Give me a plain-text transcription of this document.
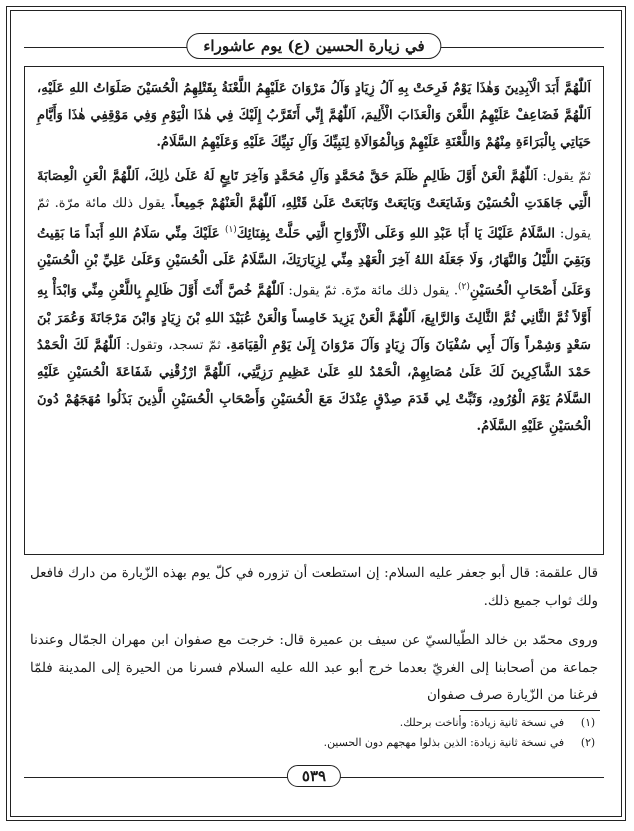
في زيارة الحسين (ع) يوم عاشوراء

اَللّٰهُمَّ أَبَدَ الْآبِدِينَ وَهٰذَا يَوْمٌ فَرِحَتْ بِهِ آلُ زِيَادٍ وَآلُ مَرْوَانَ عَلَيْهِمُ اللَّعْنَةُ بِقَتْلِهِمُ الْحُسَيْنَ صَلَوَاتُ اللهِ عَلَيْهِ، اَللّٰهُمَّ فَضَاعِفْ عَلَيْهِمُ اللَّعْنَ وَالْعَذَابَ الْأَلِيمَ، اَللّٰهُمَّ إِنِّي أَتَقَرَّبُ إِلَيْكَ فِي هٰذَا الْيَوْمِ وَفِي مَوْقِفِي هٰذَا وَأَيَّامِ حَيَاتِي بِالْبَرَاءَةِ مِنْهُمْ وَاللَّعْنَةِ عَلَيْهِمْ وَبِالْمُوَالَاةِ لِنَبِيِّكَ وَآلِ نَبِيِّكَ عَلَيْهِ وَعَلَيْهِمُ السَّلَامُ.

ثمّ يقول: اَللّٰهُمَّ الْعَنْ أَوَّلَ ظَالِمٍ ظَلَمَ حَقَّ مُحَمَّدٍ وَآلِ مُحَمَّدٍ وَآخِرَ تَابِعٍ لَهُ عَلَىٰ ذٰلِكَ، اَللّٰهُمَّ الْعَنِ الْعِصَابَةَ الَّتِي جَاهَدَتِ الْحُسَيْنَ وَشَايَعَتْ وَبَايَعَتْ وَتَابَعَتْ عَلَىٰ قَتْلِهِ، اَللّٰهُمَّ الْعَنْهُمْ جَمِيعاً. يقول ذلك مائة مرّة. ثمّ يقول: السَّلَامُ عَلَيْكَ يَا أَبَا عَبْدِ اللهِ وَعَلَى الْأَرْوَاحِ الَّتِي حَلَّتْ بِفِنَائِكَ$^{(١)}$ عَلَيْكَ مِنِّي سَلَامُ اللهِ أَبَداً مَا بَقِيتُ وَبَقِيَ اللَّيْلُ وَالنَّهَارُ، وَلَا جَعَلَهُ اللهُ آخِرَ الْعَهْدِ مِنِّي لِزِيَارَتِكَ، السَّلَامُ عَلَى الْحُسَيْنِ وَعَلَىٰ عَلِيِّ بْنِ الْحُسَيْنِ وَعَلَىٰ أَصْحَابِ الْحُسَيْنِ$^{(٢)}$. يقول ذلك مائة مرّة. ثمّ يقول: اَللّٰهُمَّ خُصَّ أَنْتَ أَوَّلَ ظَالِمٍ بِاللَّعْنِ مِنِّي وَابْدَأْ بِهِ أَوَّلاً ثُمَّ الثَّانِي ثُمَّ الثَّالِثَ وَالرَّابِعَ، اَللّٰهُمَّ الْعَنْ يَزِيدَ خَامِساً وَالْعَنْ عُبَيْدَ اللهِ بْنَ زِيَادٍ وَابْنَ مَرْجَانَةَ وَعُمَرَ بْنَ سَعْدٍ وَشِمْراً وَآلَ أَبِي سُفْيَانَ وَآلَ زِيَادٍ وَآلَ مَرْوَانَ إِلَىٰ يَوْمِ الْقِيَامَةِ. ثمّ تسجد، وتقول: اَللّٰهُمَّ لَكَ الْحَمْدُ حَمْدَ الشَّاكِرِينَ لَكَ عَلَىٰ مُصَابِهِمْ، الْحَمْدُ للهِ عَلَىٰ عَظِيمِ رَزِيَّتِي، اَللّٰهُمَّ ارْزُقْنِي شَفَاعَةَ الْحُسَيْنِ عَلَيْهِ السَّلَامُ يَوْمَ الْوُرُودِ، وَثَبِّتْ لِي قَدَمَ صِدْقٍ عِنْدَكَ مَعَ الْحُسَيْنِ وَأَصْحَابِ الْحُسَيْنِ الَّذِينَ بَذَلُوا مُهَجَهُمْ دُونَ الْحُسَيْنِ عَلَيْهِ السَّلَامُ.

قال علقمة: قال أبو جعفر عليه السلام: إن استطعت أن تزوره في كلّ يوم بهذه الزّيارة من دارك فافعل ولك ثواب جميع ذلك.

وروى محمّد بن خالد الطّيالسيّ عن سيف بن عميرة قال: خرجت مع صفوان ابن مهران الجمّال وعندنا جماعة من أصحابنا إلى الغريّ بعدما خرج أبو عبد الله عليه السلام فسرنا من الحيرة إلى المدينة فلمّا فرغنا من الزّيارة صرف صفوان

(١)
في نسخة ثانية زيادة: وأناخت برحلك.
(٢)
في نسخة ثانية زيادة: الذين بذلوا مهجهم دون الحسين.
٥٣٩
